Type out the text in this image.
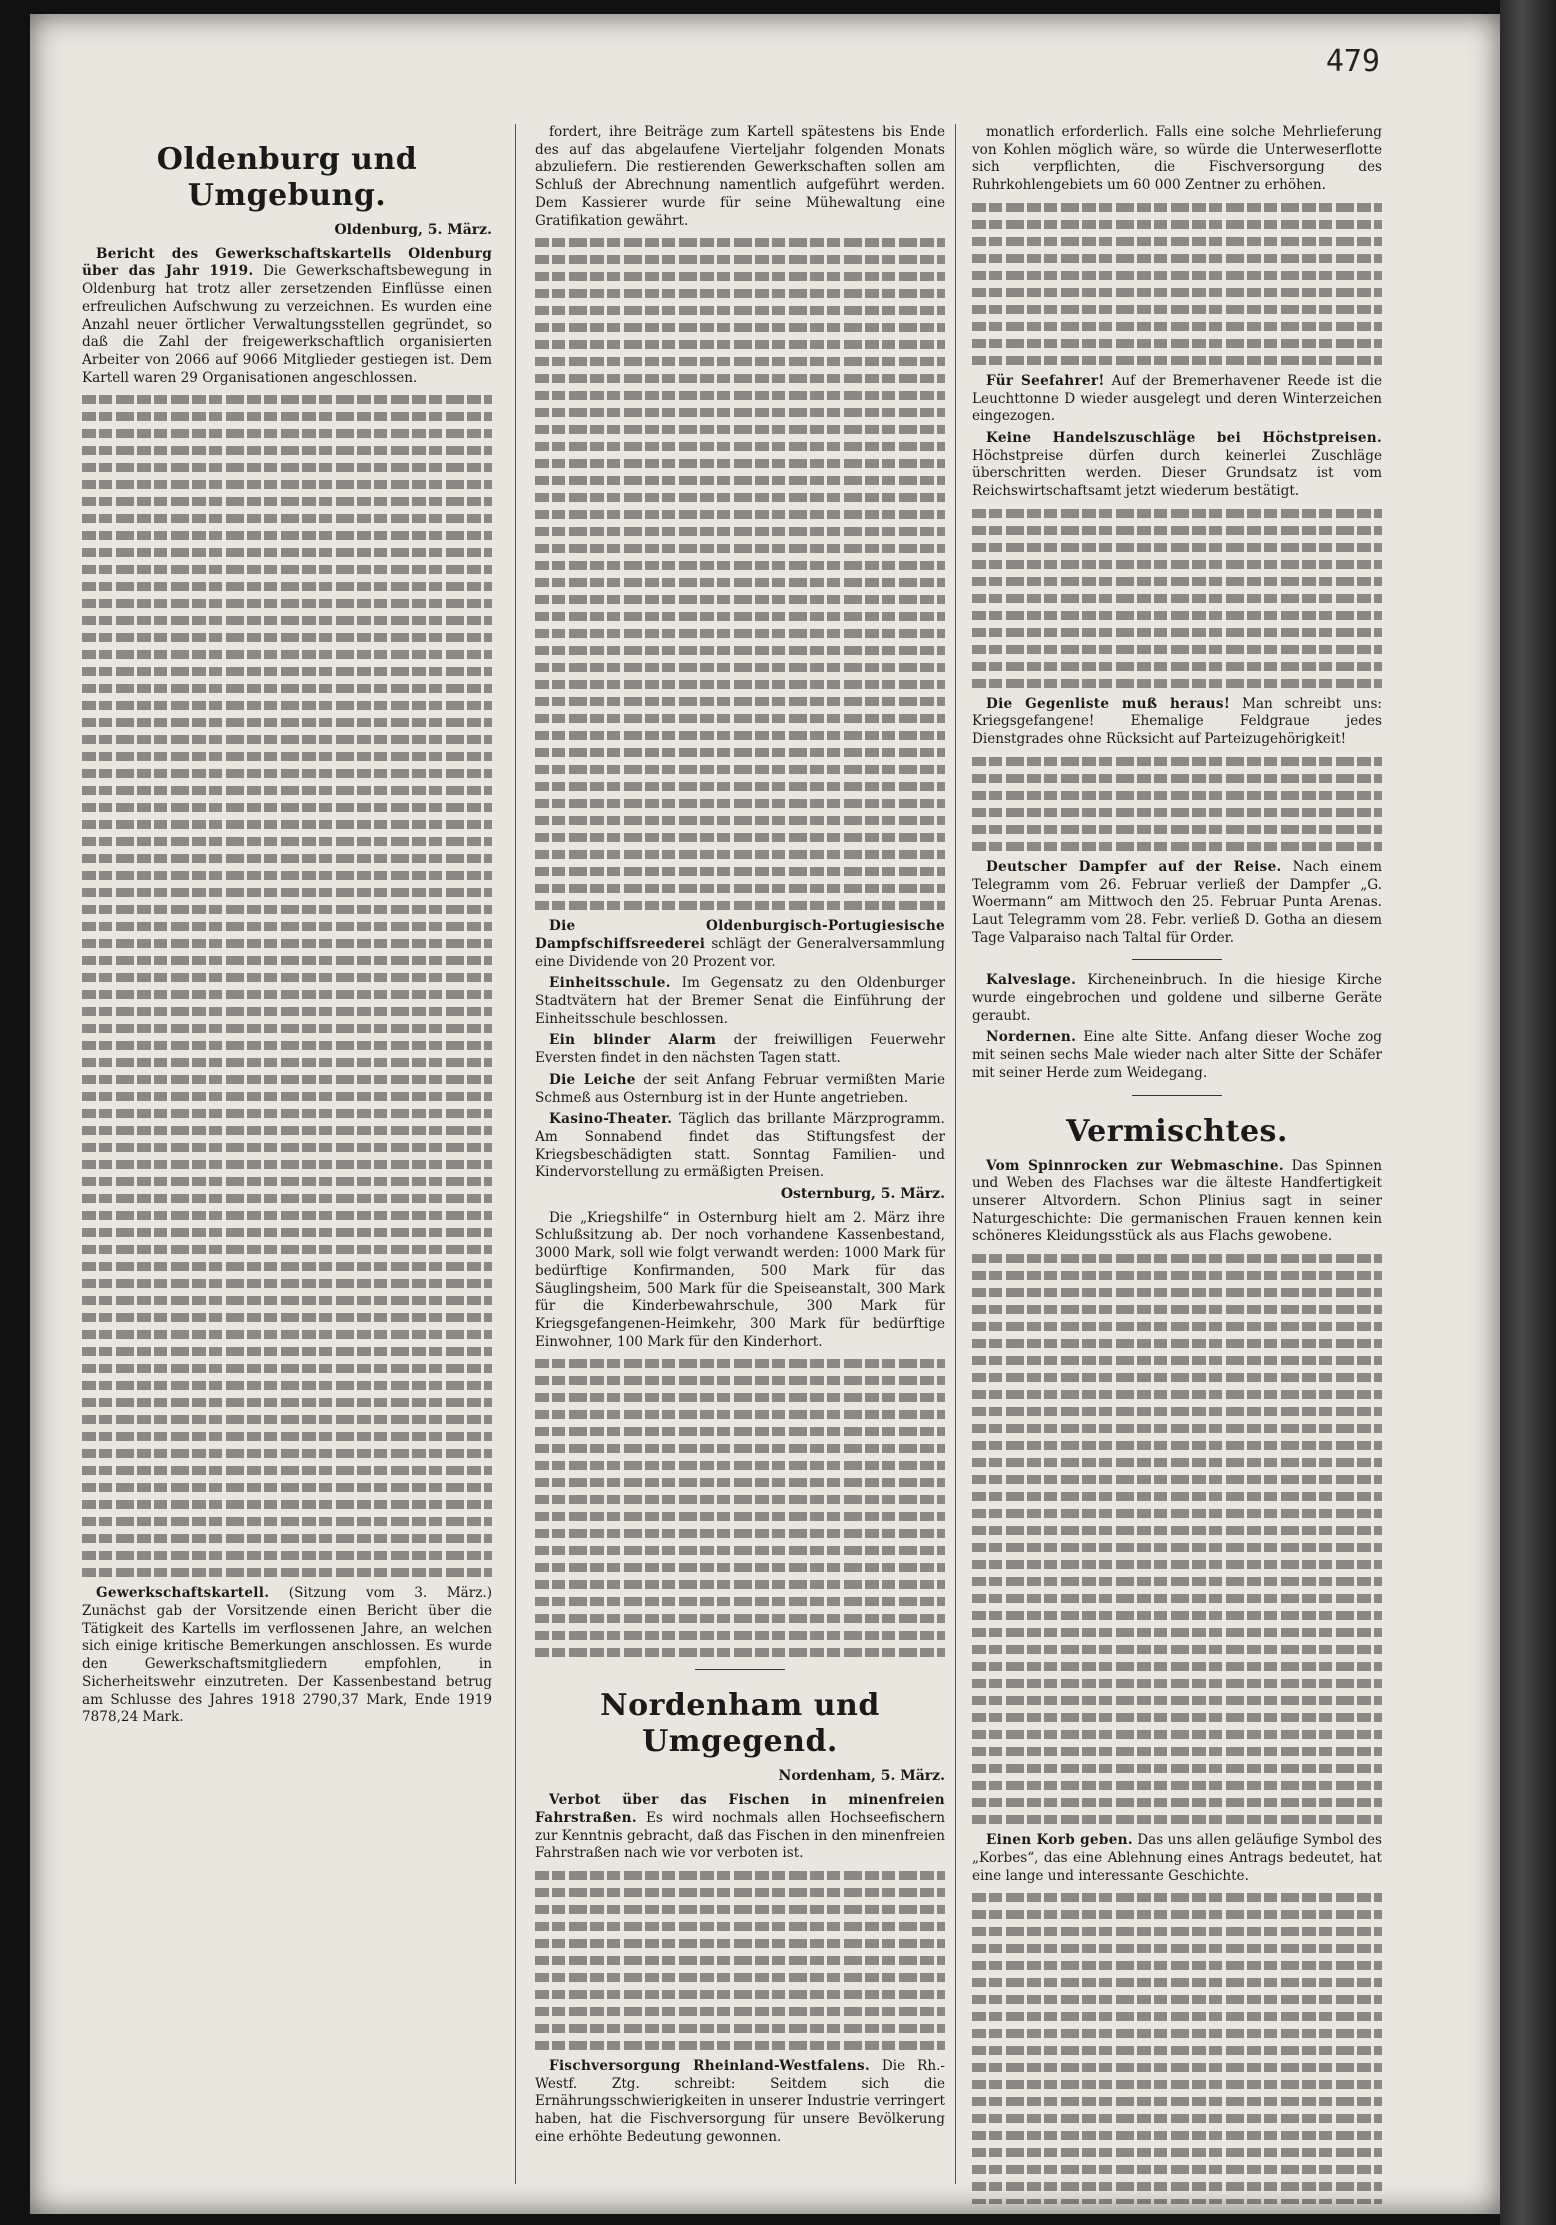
479
Oldenburg und Umgebung.
Oldenburg, 5. März.

Bericht des Gewerkschaftskartells Oldenburg über das Jahr 1919. Die Gewerkschaftsbewegung in Oldenburg hat trotz aller zersetzenden Einflüsse einen erfreulichen Aufschwung zu verzeichnen. Es wurden eine Anzahl neuer örtlicher Verwaltungsstellen gegründet, so daß die Zahl der freigewerkschaftlich organisierten Arbeiter von 2066 auf 9066 Mitglieder gestiegen ist. Dem Kartell waren 29 Organisationen angeschlossen.

Gewerkschaftskartell. (Sitzung vom 3. März.) Zunächst gab der Vorsitzende einen Bericht über die Tätigkeit des Kartells im verflossenen Jahre, an welchen sich einige kritische Bemerkungen anschlossen. Es wurde den Gewerkschaftsmitgliedern empfohlen, in Sicherheitswehr einzutreten. Der Kassenbestand betrug am Schlusse des Jahres 1918 2790,37 Mark, Ende 1919 7878,24 Mark.

fordert, ihre Beiträge zum Kartell spätestens bis Ende des auf das abgelaufene Vierteljahr folgenden Monats abzuliefern. Die restierenden Gewerkschaften sollen am Schluß der Abrechnung namentlich aufgeführt werden. Dem Kassierer wurde für seine Mühewaltung eine Gratifikation gewährt.

Die Oldenburgisch-Portugiesische Dampfschiffsreederei schlägt der Generalversammlung eine Dividende von 20 Prozent vor.

Einheitsschule. Im Gegensatz zu den Oldenburger Stadtvätern hat der Bremer Senat die Einführung der Einheitsschule beschlossen.

Ein blinder Alarm der freiwilligen Feuerwehr Eversten findet in den nächsten Tagen statt.

Die Leiche der seit Anfang Februar vermißten Marie Schmeß aus Osternburg ist in der Hunte angetrieben.

Kasino-Theater. Täglich das brillante Märzprogramm. Am Sonnabend findet das Stiftungsfest der Kriegsbeschädigten statt. Sonntag Familien- und Kindervorstellung zu ermäßigten Preisen.

Osternburg, 5. März.

Die „Kriegshilfe“ in Osternburg hielt am 2. März ihre Schlußsitzung ab. Der noch vorhandene Kassenbestand, 3000 Mark, soll wie folgt verwandt werden: 1000 Mark für bedürftige Konfirmanden, 500 Mark für das Säuglingsheim, 500 Mark für die Speiseanstalt, 300 Mark für die Kinderbewahrschule, 300 Mark für Kriegsgefangenen-Heimkehr, 300 Mark für bedürftige Einwohner, 100 Mark für den Kinderhort.

Nordenham und Umgegend.
Nordenham, 5. März.

Verbot über das Fischen in minenfreien Fahrstraßen. Es wird nochmals allen Hochseefischern zur Kenntnis gebracht, daß das Fischen in den minenfreien Fahrstraßen nach wie vor verboten ist.

Fischversorgung Rheinland-Westfalens. Die Rh.-Westf. Ztg. schreibt: Seitdem sich die Ernährungsschwierigkeiten in unserer Industrie verringert haben, hat die Fischversorgung für unsere Bevölkerung eine erhöhte Bedeutung gewonnen.

monatlich erforderlich. Falls eine solche Mehrlieferung von Kohlen möglich wäre, so würde die Unterweserflotte sich verpflichten, die Fischversorgung des Ruhrkohlengebiets um 60 000 Zentner zu erhöhen.

Für Seefahrer! Auf der Bremerhavener Reede ist die Leuchttonne D wieder ausgelegt und deren Winterzeichen eingezogen.

Keine Handelszuschläge bei Höchstpreisen. Höchstpreise dürfen durch keinerlei Zuschläge überschritten werden. Dieser Grundsatz ist vom Reichswirtschaftsamt jetzt wiederum bestätigt.

Die Gegenliste muß heraus! Man schreibt uns: Kriegsgefangene! Ehemalige Feldgraue jedes Dienstgrades ohne Rücksicht auf Parteizugehörigkeit!

Deutscher Dampfer auf der Reise. Nach einem Telegramm vom 26. Februar verließ der Dampfer „G. Woermann“ am Mittwoch den 25. Februar Punta Arenas. Laut Telegramm vom 28. Febr. verließ D. Gotha an diesem Tage Valparaiso nach Taltal für Order.

Kalveslage. Kircheneinbruch. In die hiesige Kirche wurde eingebrochen und goldene und silberne Geräte geraubt.

Nordernen. Eine alte Sitte. Anfang dieser Woche zog mit seinen sechs Male wieder nach alter Sitte der Schäfer mit seiner Herde zum Weidegang.

Vermischtes.

Vom Spinnrocken zur Webmaschine. Das Spinnen und Weben des Flachses war die älteste Handfertigkeit unserer Altvordern. Schon Plinius sagt in seiner Naturgeschichte: Die germanischen Frauen kennen kein schöneres Kleidungsstück als aus Flachs gewobene.

Einen Korb geben. Das uns allen geläufige Symbol des „Korbes“, das eine Ablehnung eines Antrags bedeutet, hat eine lange und interessante Geschichte.
